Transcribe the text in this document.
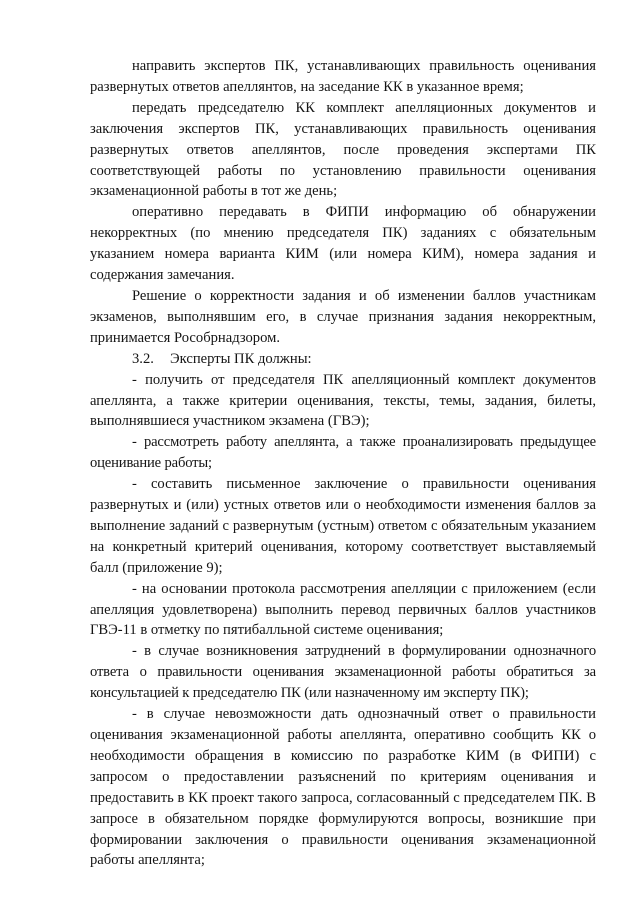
направить экспертов ПК, устанавливающих правильность оценивания развернутых ответов апеллянтов, на заседание КК в указанное время;

передать председателю КК комплект апелляционных документов и заключения экспертов ПК, устанавливающих правильность оценивания развернутых ответов апеллянтов, после проведения экспертами ПК соответствующей работы по установлению правильности оценивания экзаменационной работы в тот же день;

оперативно передавать в ФИПИ информацию об обнаружении некорректных (по мнению председателя ПК) заданиях с обязательным указанием номера варианта КИМ (или номера КИМ), номера задания и содержания замечания.

Решение о корректности задания и об изменении баллов участникам экзаменов, выполнявшим его, в случае признания задания некорректным, принимается Рособрнадзором.

3.2. Эксперты ПК должны:

- получить от председателя ПК апелляционный комплект документов апеллянта, а также критерии оценивания, тексты, темы, задания, билеты, выполнявшиеся участником экзамена (ГВЭ);

- рассмотреть работу апеллянта, а также проанализировать предыдущее оценивание работы;

- составить письменное заключение о правильности оценивания развернутых и (или) устных ответов или о необходимости изменения баллов за выполнение заданий с развернутым (устным) ответом с обязательным указанием на конкретный критерий оценивания, которому соответствует выставляемый балл (приложение 9);

- на основании протокола рассмотрения апелляции с приложением (если апелляция удовлетворена) выполнить перевод первичных баллов участников ГВЭ-11 в отметку по пятибалльной системе оценивания;

- в случае возникновения затруднений в формулировании однозначного ответа о правильности оценивания экзаменационной работы обратиться за консультацией к председателю ПК (или назначенному им эксперту ПК);

- в случае невозможности дать однозначный ответ о правильности оценивания экзаменационной работы апеллянта, оперативно сообщить КК о необходимости обращения в комиссию по разработке КИМ (в ФИПИ) с запросом о предоставлении разъяснений по критериям оценивания и предоставить в КК проект такого запроса, согласованный с председателем ПК. В запросе в обязательном порядке формулируются вопросы, возникшие при формировании заключения о правильности оценивания экзаменационной работы апеллянта;
